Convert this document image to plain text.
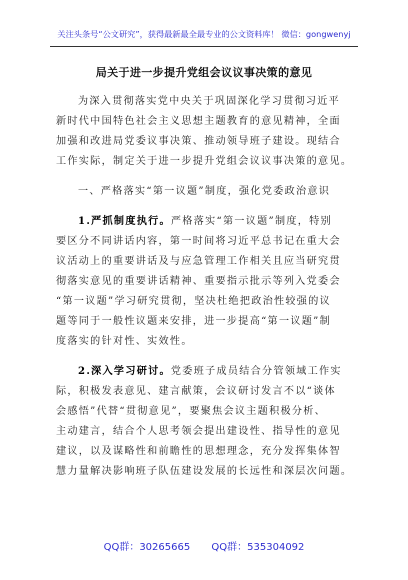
关注头条号“公文研究”，获得最新最全最专业的公文资料库！ 微信：gongwenyj
局关于进一步提升党组会议议事决策的意见
为深入贯彻落实党中央关于巩固深化学习贯彻习近平
新时代中国特色社会主义思想主题教育的意见精神，全面
加强和改进局党委议事决策、推动领导班子建设。现结合
工作实际，制定关于进一步提升党组会议议事决策的意见。
一、严格落实“第一议题”制度，强化党委政治意识
1.严抓制度执行。严格落实“第一议题”制度，特别
要区分不同讲话内容，第一时间将习近平总书记在重大会
议活动上的重要讲话及与应急管理工作相关且应当研究贯
彻落实意见的重要讲话精神、重要指示批示等列入党委会
“第一议题”学习研究贯彻，坚决杜绝把政治性较强的议
题等同于一般性议题来安排，进一步提高“第一议题”制
度落实的针对性、实效性。
2.深入学习研讨。党委班子成员结合分管领域工作实
际，积极发表意见、建言献策，会议研讨发言不以“谈体
会感悟”代替“贯彻意见”，要聚焦会议主题积极分析、
主动建言，结合个人思考领会提出建设性、指导性的意见
建议，以及谋略性和前瞻性的思想理念，充分发挥集体智
慧力量解决影响班子队伍建设发展的长远性和深层次问题。
QQ群：30265665 QQ群：535304092
